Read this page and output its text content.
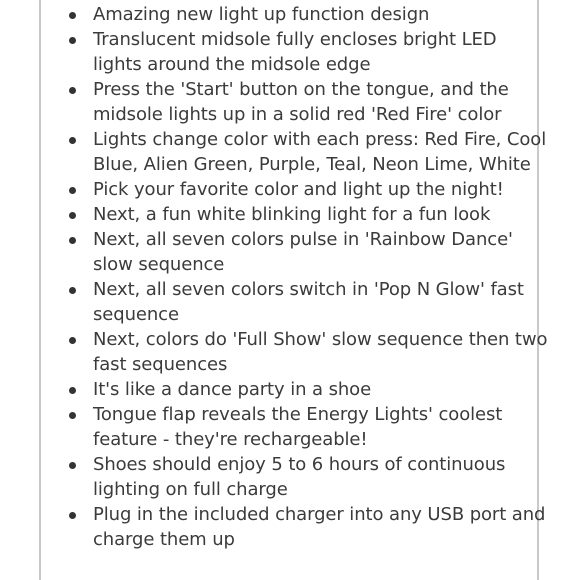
Amazing new light up function design
Translucent midsole fully encloses bright LED lights around the midsole edge
Press the 'Start' button on the tongue, and the midsole lights up in a solid red 'Red Fire' color
Lights change color with each press: Red Fire, Cool Blue, Alien Green, Purple, Teal, Neon Lime, White
Pick your favorite color and light up the night!
Next, a fun white blinking light for a fun look
Next, all seven colors pulse in 'Rainbow Dance' slow sequence
Next, all seven colors switch in 'Pop N Glow' fast sequence
Next, colors do 'Full Show' slow sequence then two fast sequences
It's like a dance party in a shoe
Tongue flap reveals the Energy Lights' coolest feature - they're rechargeable!
Shoes should enjoy 5 to 6 hours of continuous lighting on full charge
Plug in the included charger into any USB port and charge them up
